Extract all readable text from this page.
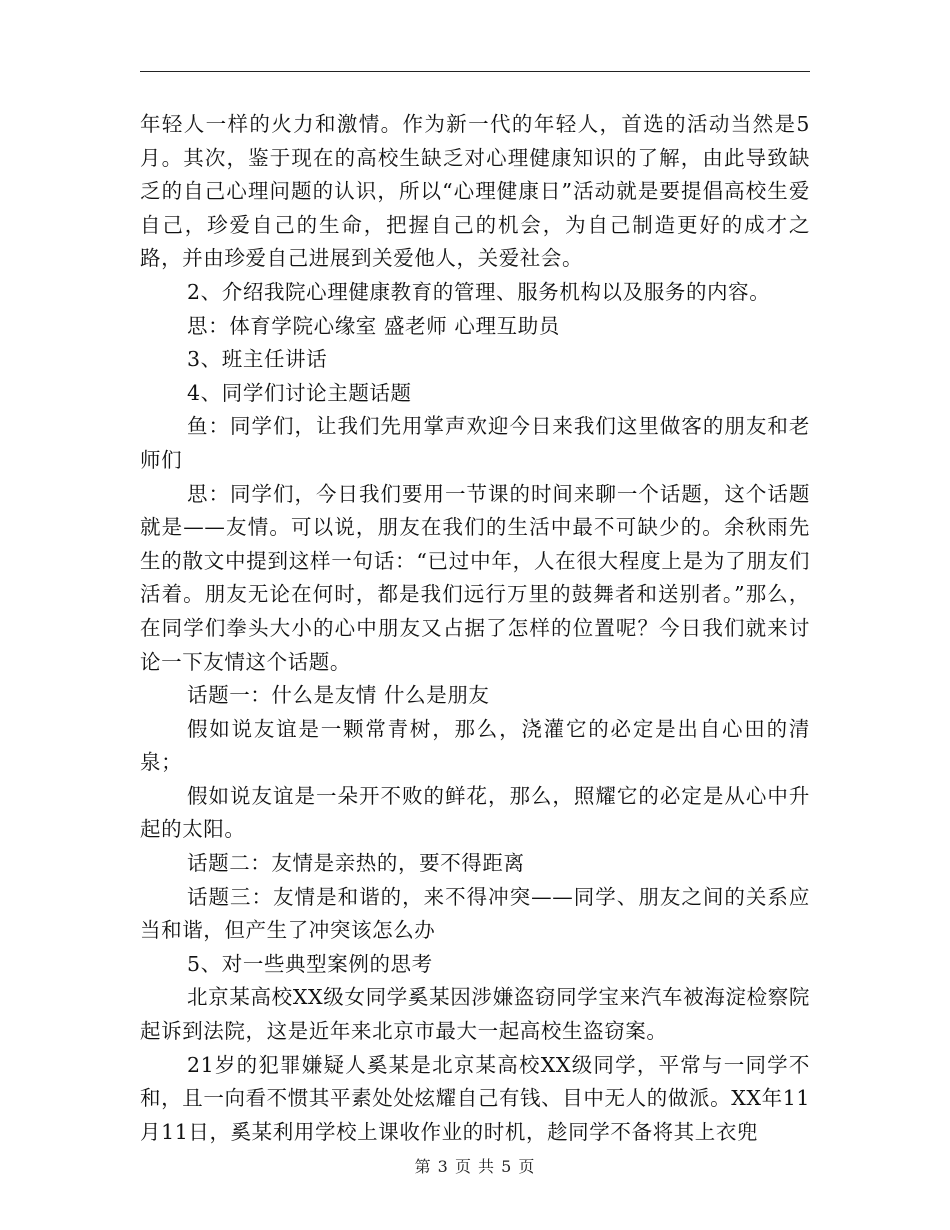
年轻人一样的火力和激情。作为新一代的年轻人，首选的活动当然是5月。其次，鉴于现在的高校生缺乏对心理健康知识的了解，由此导致缺乏的自己心理问题的认识，所以“心理健康日”活动就是要提倡高校生爱自己，珍爱自己的生命，把握自己的机会，为自己制造更好的成才之路，并由珍爱自己进展到关爱他人，关爱社会。

2、介绍我院心理健康教育的管理、服务机构以及服务的内容。

思：体育学院心缘室 盛老师 心理互助员

3、班主任讲话

4、同学们讨论主题话题

鱼：同学们，让我们先用掌声欢迎今日来我们这里做客的朋友和老师们

思：同学们，今日我们要用一节课的时间来聊一个话题，这个话题就是——友情。可以说，朋友在我们的生活中最不可缺少的。余秋雨先生的散文中提到这样一句话：“已过中年，人在很大程度上是为了朋友们活着。朋友无论在何时，都是我们远行万里的鼓舞者和送别者。”那么，在同学们拳头大小的心中朋友又占据了怎样的位置呢？今日我们就来讨论一下友情这个话题。

话题一：什么是友情 什么是朋友

假如说友谊是一颗常青树，那么，浇灌它的必定是出自心田的清泉；

假如说友谊是一朵开不败的鲜花，那么，照耀它的必定是从心中升起的太阳。

话题二：友情是亲热的，要不得距离

话题三：友情是和谐的，来不得冲突——同学、朋友之间的关系应当和谐，但产生了冲突该怎么办

5、对一些典型案例的思考

北京某高校XX级女同学奚某因涉嫌盗窃同学宝来汽车被海淀检察院起诉到法院，这是近年来北京市最大一起高校生盗窃案。

21岁的犯罪嫌疑人奚某是北京某高校XX级同学，平常与一同学不和，且一向看不惯其平素处处炫耀自己有钱、目中无人的做派。XX年11月11日，奚某利用学校上课收作业的时机，趁同学不备将其上衣兜

第 3 页 共 5 页
